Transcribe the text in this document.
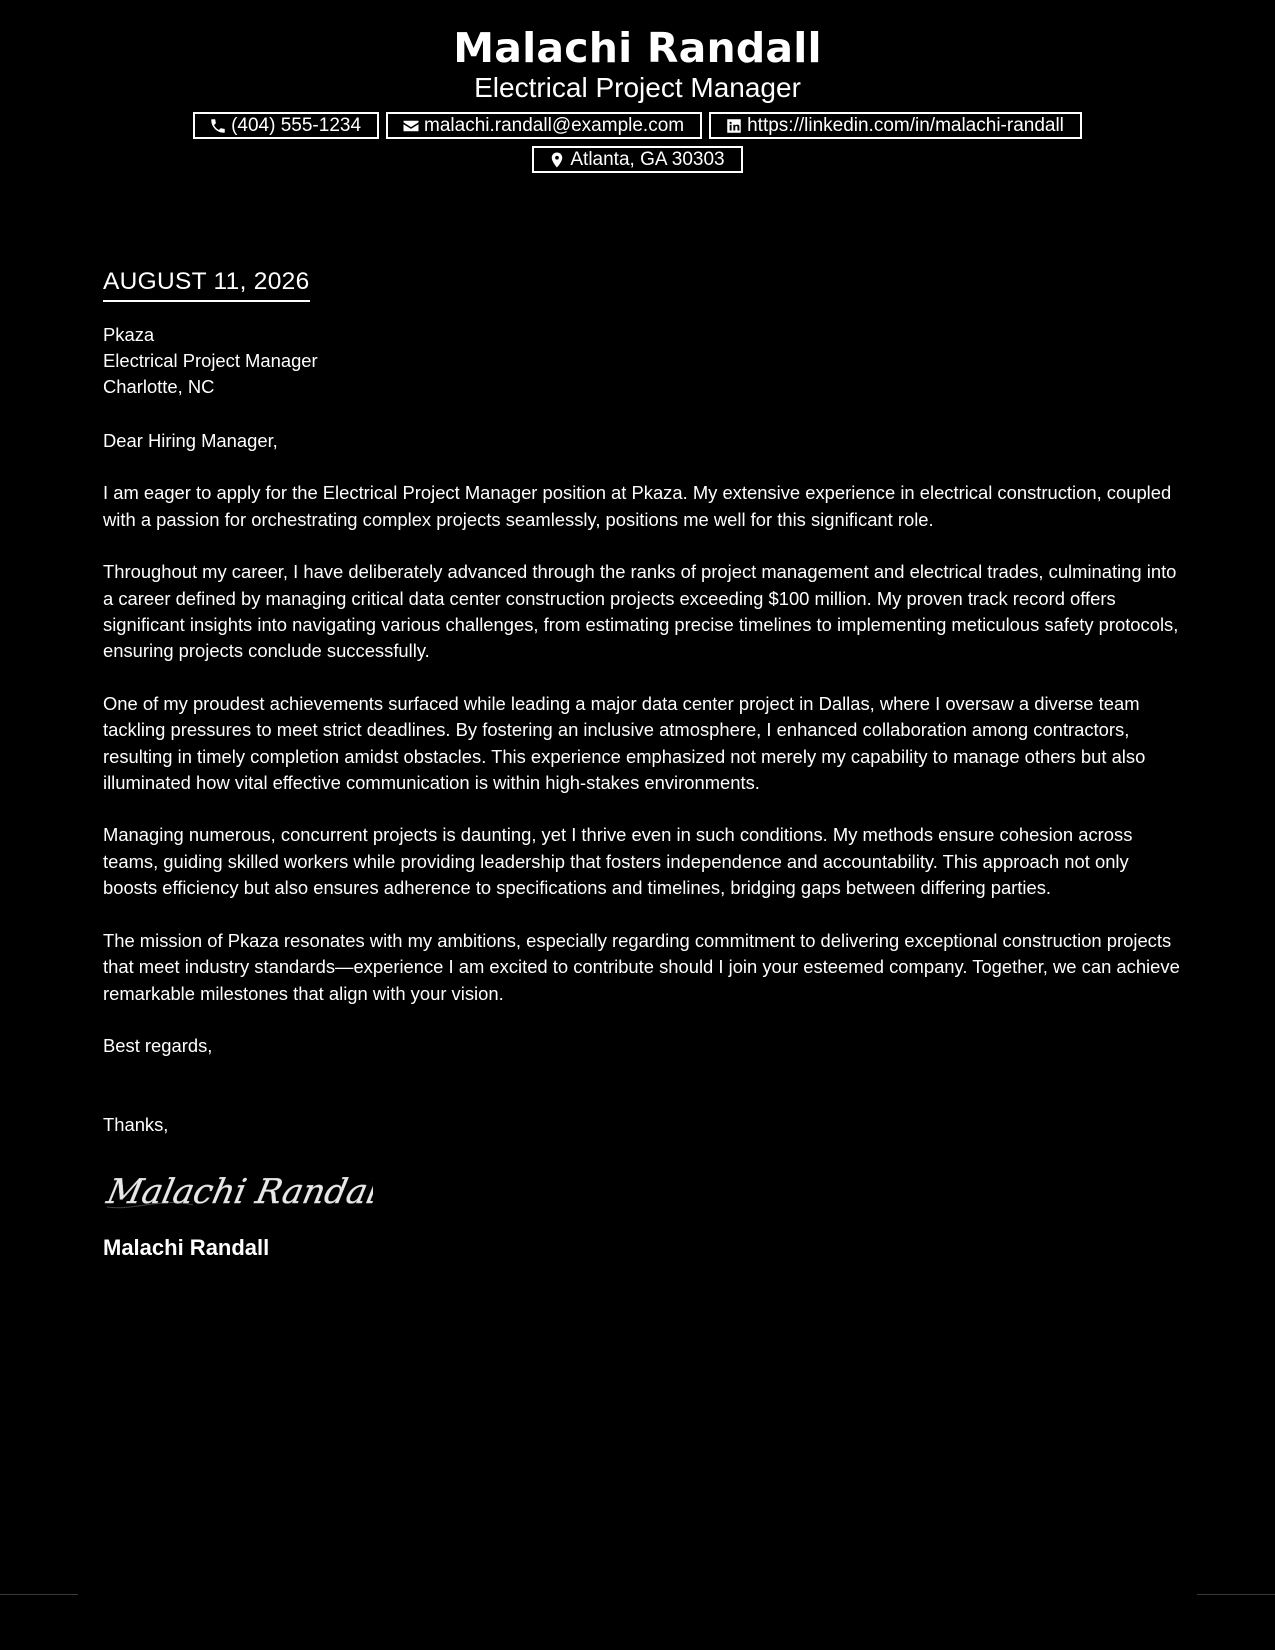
Malachi Randall
Electrical Project Manager
(404) 555-1234	malachi.randall@example.com	https://linkedin.com/in/malachi-randall
Atlanta, GA 30303
AUGUST 11, 2026
Pkaza
Electrical Project Manager
Charlotte, NC
Dear Hiring Manager,
I am eager to apply for the Electrical Project Manager position at Pkaza. My extensive experience in electrical construction, coupled with a passion for orchestrating complex projects seamlessly, positions me well for this significant role.
Throughout my career, I have deliberately advanced through the ranks of project management and electrical trades, culminating into a career defined by managing critical data center construction projects exceeding $100 million. My proven track record offers significant insights into navigating various challenges, from estimating precise timelines to implementing meticulous safety protocols, ensuring projects conclude successfully.
One of my proudest achievements surfaced while leading a major data center project in Dallas, where I oversaw a diverse team tackling pressures to meet strict deadlines. By fostering an inclusive atmosphere, I enhanced collaboration among contractors, resulting in timely completion amidst obstacles. This experience emphasized not merely my capability to manage others but also illuminated how vital effective communication is within high-stakes environments.
Managing numerous, concurrent projects is daunting, yet I thrive even in such conditions. My methods ensure cohesion across teams, guiding skilled workers while providing leadership that fosters independence and accountability. This approach not only boosts efficiency but also ensures adherence to specifications and timelines, bridging gaps between differing parties.
The mission of Pkaza resonates with my ambitions, especially regarding commitment to delivering exceptional construction projects that meet industry standards—experience I am excited to contribute should I join your esteemed company. Together, we can achieve remarkable milestones that align with your vision.
Best regards,
Thanks,
Malachi Randall
Malachi Randall
